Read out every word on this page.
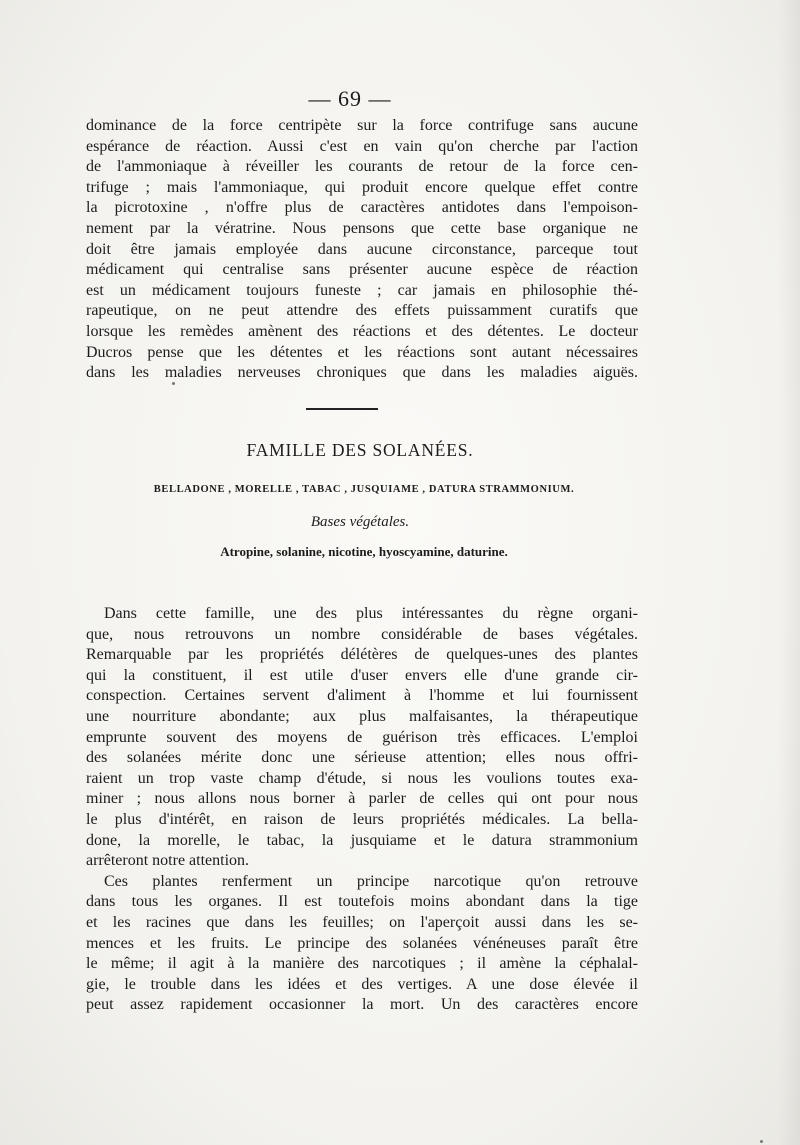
— 69 —
dominance de la force centripète sur la force contrifuge sans aucune
espérance de réaction. Aussi c'est en vain qu'on cherche par l'action
de l'ammoniaque à réveiller les courants de retour de la force cen-
trifuge ; mais l'ammoniaque, qui produit encore quelque effet contre
la picrotoxine , n'offre plus de caractères antidotes dans l'empoison-
nement par la vératrine. Nous pensons que cette base organique ne
doit être jamais employée dans aucune circonstance, parceque tout
médicament qui centralise sans présenter aucune espèce de réaction
est un médicament toujours funeste ; car jamais en philosophie thé-
rapeutique, on ne peut attendre des effets puissamment curatifs que
lorsque les remèdes amènent des réactions et des détentes. Le docteur
Ducros pense que les détentes et les réactions sont autant nécessaires
dans les maladies nerveuses chroniques que dans les maladies aiguës.
FAMILLE DES SOLANÉES.
BELLADONE , MORELLE , TABAC , JUSQUIAME , DATURA STRAMMONIUM.
Bases végétales.
Atropine, solanine, nicotine, hyoscyamine, daturine.
Dans cette famille, une des plus intéressantes du règne organi-
que, nous retrouvons un nombre considérable de bases végétales.
Remarquable par les propriétés délétères de quelques-unes des plantes
qui la constituent, il est utile d'user envers elle d'une grande cir-
conspection. Certaines servent d'aliment à l'homme et lui fournissent
une nourriture abondante; aux plus malfaisantes, la thérapeutique
emprunte souvent des moyens de guérison très efficaces. L'emploi
des solanées mérite donc une sérieuse attention; elles nous offri-
raient un trop vaste champ d'étude, si nous les voulions toutes exa-
miner ; nous allons nous borner à parler de celles qui ont pour nous
le plus d'intérêt, en raison de leurs propriétés médicales. La bella-
done, la morelle, le tabac, la jusquiame et le datura strammonium
arrêteront notre attention.
Ces plantes renferment un principe narcotique qu'on retrouve
dans tous les organes. Il est toutefois moins abondant dans la tige
et les racines que dans les feuilles; on l'aperçoit aussi dans les se-
mences et les fruits. Le principe des solanées vénéneuses paraît être
le même; il agit à la manière des narcotiques ; il amène la céphalal-
gie, le trouble dans les idées et des vertiges. A une dose élevée il
peut assez rapidement occasionner la mort. Un des caractères encore
